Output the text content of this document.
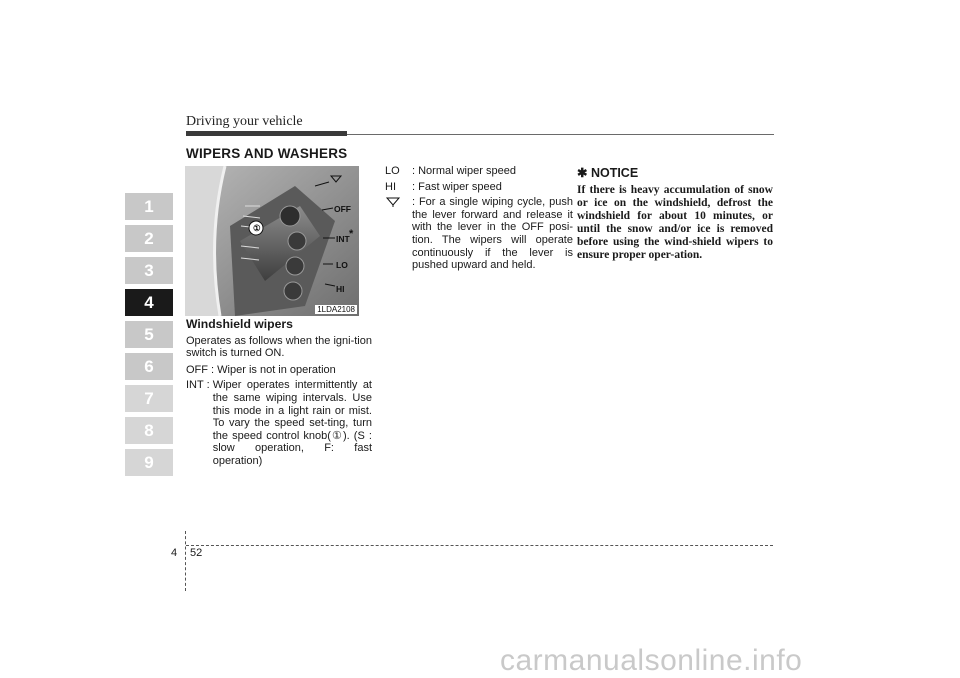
Driving your vehicle
1
2
3
4
5
6
7
8
9
WIPERS AND WASHERS
①
OFF
INT *
LO
HI
1LDA2108
Windshield wipers

Operates as follows when the igni-tion switch is turned ON.

OFF : Wiper is not in operation
INT : Wiper operates intermittently at the same wiping intervals. Use this mode in a light rain or mist. To vary the speed set-ting, turn the speed control knob(①). (S : slow operation, F: fast operation)
LO	: Normal wiper speed
HI	: Fast wiper speed
: For a single wiping cycle, push the lever forward and release it with the lever in the OFF posi-tion. The wipers will operate continuously if the lever is pushed upward and held.
✱ NOTICE
If there is heavy accumulation of snow or ice on the windshield, defrost the windshield for about 10 minutes, or until the snow and/or ice is removed before using the wind-shield wipers to ensure proper oper-ation.
4 52
carmanualsonline.info
